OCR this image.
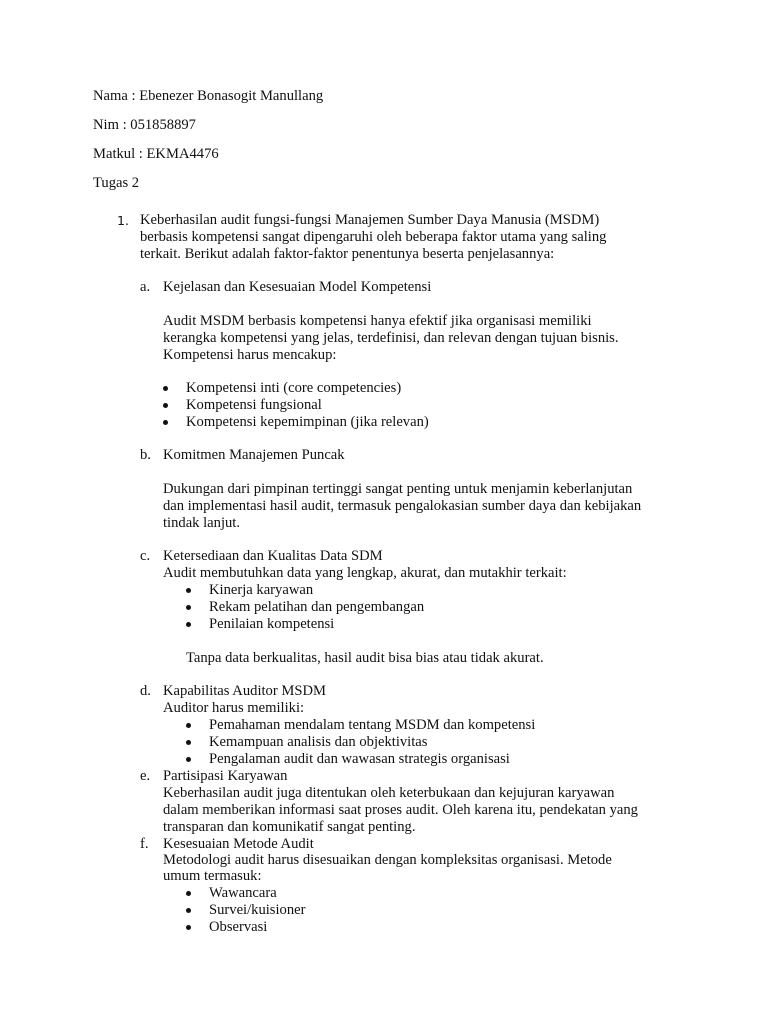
Nama : Ebenezer Bonasogit Manullang
Nim : 051858897
Matkul : EKMA4476
Tugas 2
1. Keberhasilan audit fungsi-fungsi Manajemen Sumber Daya Manusia (MSDM)
berbasis kompetensi sangat dipengaruhi oleh beberapa faktor utama yang saling
terkait. Berikut adalah faktor-faktor penentunya beserta penjelasannya:
a. Kejelasan dan Kesesuaian Model Kompetensi
Audit MSDM berbasis kompetensi hanya efektif jika organisasi memiliki
kerangka kompetensi yang jelas, terdefinisi, dan relevan dengan tujuan bisnis.
Kompetensi harus mencakup:
Kompetensi inti (core competencies)
Kompetensi fungsional
Kompetensi kepemimpinan (jika relevan)
b. Komitmen Manajemen Puncak
Dukungan dari pimpinan tertinggi sangat penting untuk menjamin keberlanjutan
dan implementasi hasil audit, termasuk pengalokasian sumber daya dan kebijakan
tindak lanjut.
c. Ketersediaan dan Kualitas Data SDM
Audit membutuhkan data yang lengkap, akurat, dan mutakhir terkait:
Kinerja karyawan
Rekam pelatihan dan pengembangan
Penilaian kompetensi
Tanpa data berkualitas, hasil audit bisa bias atau tidak akurat.
d. Kapabilitas Auditor MSDM
Auditor harus memiliki:
Pemahaman mendalam tentang MSDM dan kompetensi
Kemampuan analisis dan objektivitas
Pengalaman audit dan wawasan strategis organisasi
e. Partisipasi Karyawan
Keberhasilan audit juga ditentukan oleh keterbukaan dan kejujuran karyawan
dalam memberikan informasi saat proses audit. Oleh karena itu, pendekatan yang
transparan dan komunikatif sangat penting.
f. Kesesuaian Metode Audit
Metodologi audit harus disesuaikan dengan kompleksitas organisasi. Metode
umum termasuk:
Wawancara
Survei/kuisioner
Observasi
